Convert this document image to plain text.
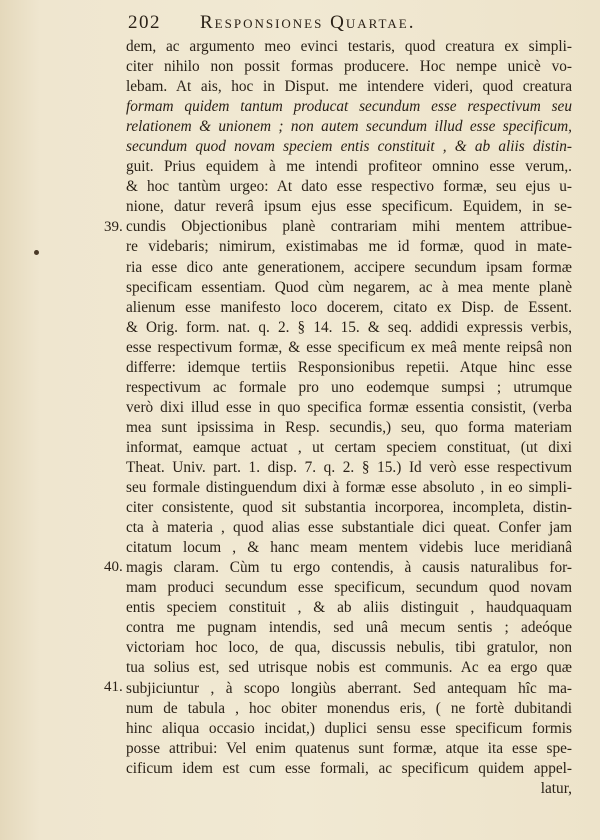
202 Responsiones Quartae.
39.
40.
41.
dem, ac argumento meo evinci testaris, quod creatura ex simpli-
citer nihilo non possit formas producere. Hoc nempe unicè vo-
lebam. At ais, hoc in Disput. me intendere videri, quod creatura
formam quidem tantum producat secundum esse respectivum seu
relationem & unionem ; non autem secundum illud esse specificum,
secundum quod novam speciem entis constituit , & ab aliis distin-
guit. Prius equidem à me intendi profiteor omnino esse verum,.
& hoc tantùm urgeo: At dato esse respectivo formæ, seu ejus u-
nione, datur reverâ ipsum ejus esse specificum. Equidem, in se-
cundis Objectionibus planè contrariam mihi mentem attribue-
re videbaris; nimirum, existimabas me id formæ, quod in mate-
ria esse dico ante generationem, accipere secundum ipsam formæ
specificam essentiam. Quod cùm negarem, ac à mea mente planè
alienum esse manifesto loco docerem, citato ex Disp. de Essent.
& Orig. form. nat. q. 2. § 14. 15. & seq. addidi expressis verbis,
esse respectivum formæ, & esse specificum ex meâ mente reipsâ non
differre: idemque tertiis Responsionibus repetii. Atque hinc esse
respectivum ac formale pro uno eodemque sumpsi ; utrumque
verò dixi illud esse in quo specifica formæ essentia consistit, (verba
mea sunt ipsissima in Resp. secundis,) seu, quo forma materiam
informat, eamque actuat , ut certam speciem constituat, (ut dixi
Theat. Univ. part. 1. disp. 7. q. 2. § 15.) Id verò esse respectivum
seu formale distinguendum dixi à formæ esse absoluto , in eo simpli-
citer consistente, quod sit substantia incorporea, incompleta, distin-
cta à materia , quod alias esse substantiale dici queat. Confer jam
citatum locum , & hanc meam mentem videbis luce meridianâ
magis claram. Cùm tu ergo contendis, à causis naturalibus for-
mam produci secundum esse specificum, secundum quod novam
entis speciem constituit , & ab aliis distinguit , haudquaquam
contra me pugnam intendis, sed unâ mecum sentis ; adeóque
victoriam hoc loco, de qua, discussis nebulis, tibi gratulor, non
tua solius est, sed utrisque nobis est communis. Ac ea ergo quæ
subjiciuntur , à scopo longiùs aberrant. Sed antequam hîc ma-
num de tabula , hoc obiter monendus eris, ( ne fortè dubitandi
hinc aliqua occasio incidat,) duplici sensu esse specificum formis
posse attribui: Vel enim quatenus sunt formæ, atque ita esse spe-
cificum idem est cum esse formali, ac specificum quidem appel-
latur,
